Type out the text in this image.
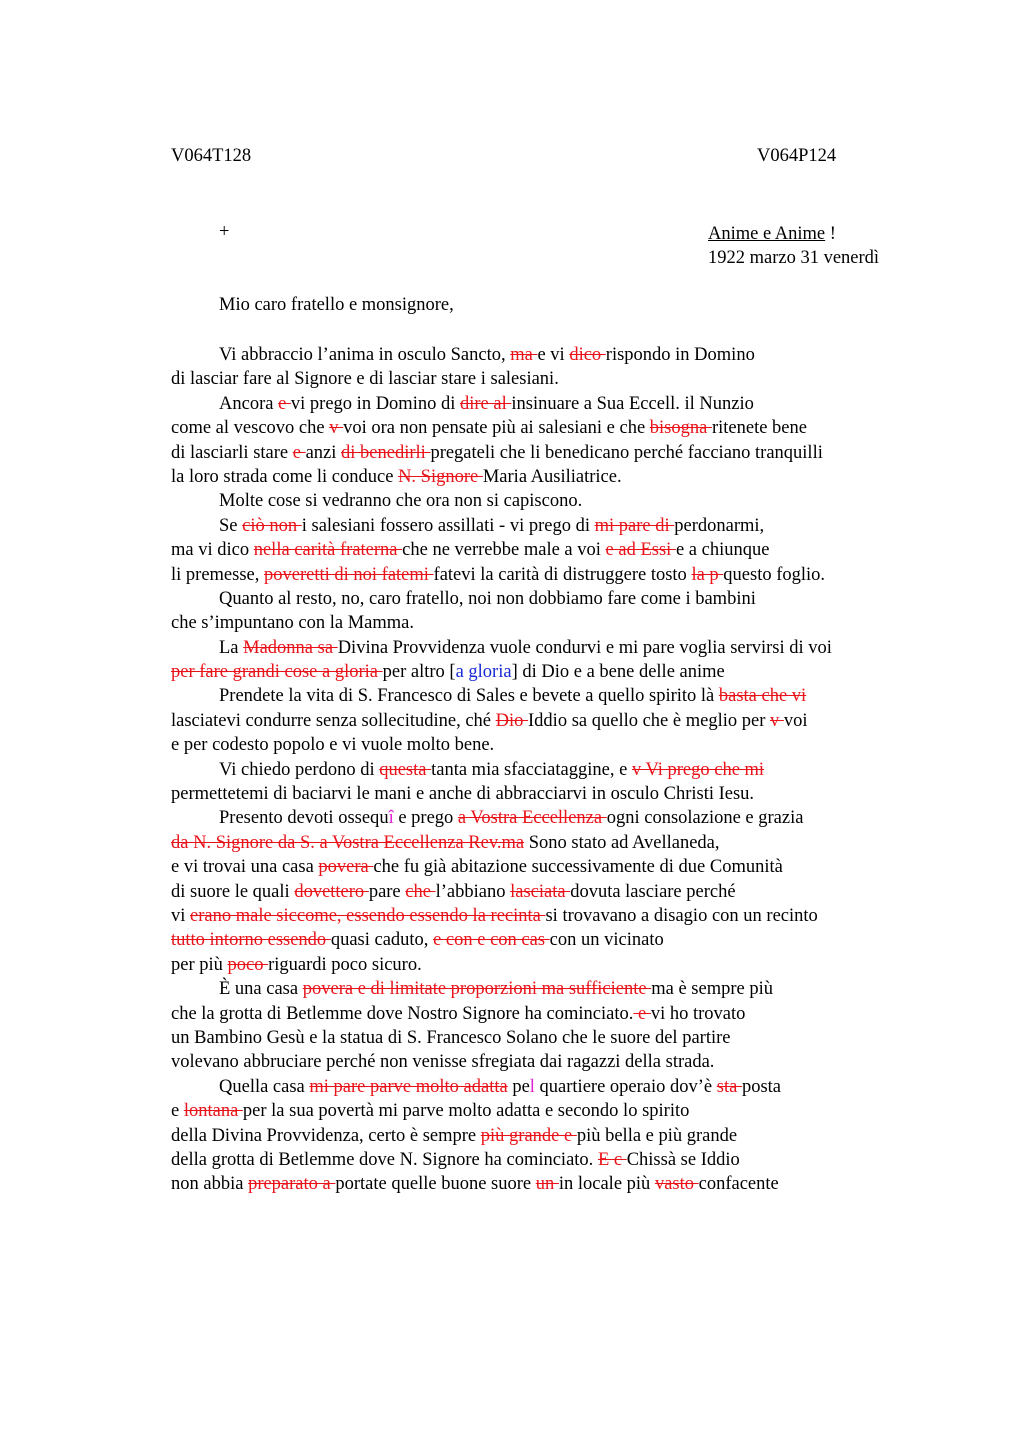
V064T128	V064P124
+	Anime e Anime !
1922 marzo 31 venerdì
Mio caro fratello e monsignore,
Vi abbraccio l’anima in osculo Sancto, ma e vi dico rispondo in Domino
di lasciar fare al Signore e di lasciar stare i salesiani.
Ancora e vi prego in Domino di dire al insinuare a Sua Eccell. il Nunzio
come al vescovo che v voi ora non pensate più ai salesiani e che bisogna ritenete bene
di lasciarli stare e anzi di benedirli pregateli che li benedicano perché facciano tranquilli
la loro strada come li conduce N. Signore Maria Ausiliatrice.
Molte cose si vedranno che ora non si capiscono.
Se ciò non i salesiani fossero assillati - vi prego di mi pare di perdonarmi,
ma vi dico nella carità fraterna che ne verrebbe male a voi e ad Essi e a chiunque
li premesse, poveretti di noi fatemi fatevi la carità di distruggere tosto la p questo foglio.
Quanto al resto, no, caro fratello, noi non dobbiamo fare come i bambini
che s’impuntano con la Mamma.
La Madonna sa Divina Provvidenza vuole condurvi e mi pare voglia servirsi di voi
per fare grandi cose a gloria per altro [a gloria] di Dio e a bene delle anime
Prendete la vita di S. Francesco di Sales e bevete a quello spirito là basta che vi
lasciatevi condurre senza sollecitudine, ché Dio Iddio sa quello che è meglio per v voi
e per codesto popolo e vi vuole molto bene.
Vi chiedo perdono di questa tanta mia sfacciataggine, e v Vi prego che mi
permettetemi di baciarvi le mani e anche di abbracciarvi in osculo Christi Iesu.
Presento devoti ossequî e prego a Vostra Eccellenza ogni consolazione e grazia
da N. Signore da S. a Vostra Eccellenza Rev.ma Sono stato ad Avellaneda,
e vi trovai una casa povera che fu già abitazione successivamente di due Comunità
di suore le quali dovettero pare che l’abbiano lasciata dovuta lasciare perché
vi erano male siccome, essendo essendo la recinta si trovavano a disagio con un recinto
tutto intorno essendo quasi caduto, e con e con cas con un vicinato
per più poco riguardi poco sicuro.
È una casa povera e di limitate proporzioni ma sufficiente ma è sempre più
che la grotta di Betlemme dove Nostro Signore ha cominciato. e vi ho trovato
un Bambino Gesù e la statua di S. Francesco Solano che le suore del partire
volevano abbruciare perché non venisse sfregiata dai ragazzi della strada.
Quella casa mi pare parve molto adatta pel quartiere operaio dov’è sta posta
e lontana per la sua povertà mi parve molto adatta e secondo lo spirito
della Divina Provvidenza, certo è sempre più grande e più bella e più grande
della grotta di Betlemme dove N. Signore ha cominciato. E c Chissà se Iddio
non abbia preparato a portate quelle buone suore un in locale più vasto confacente
